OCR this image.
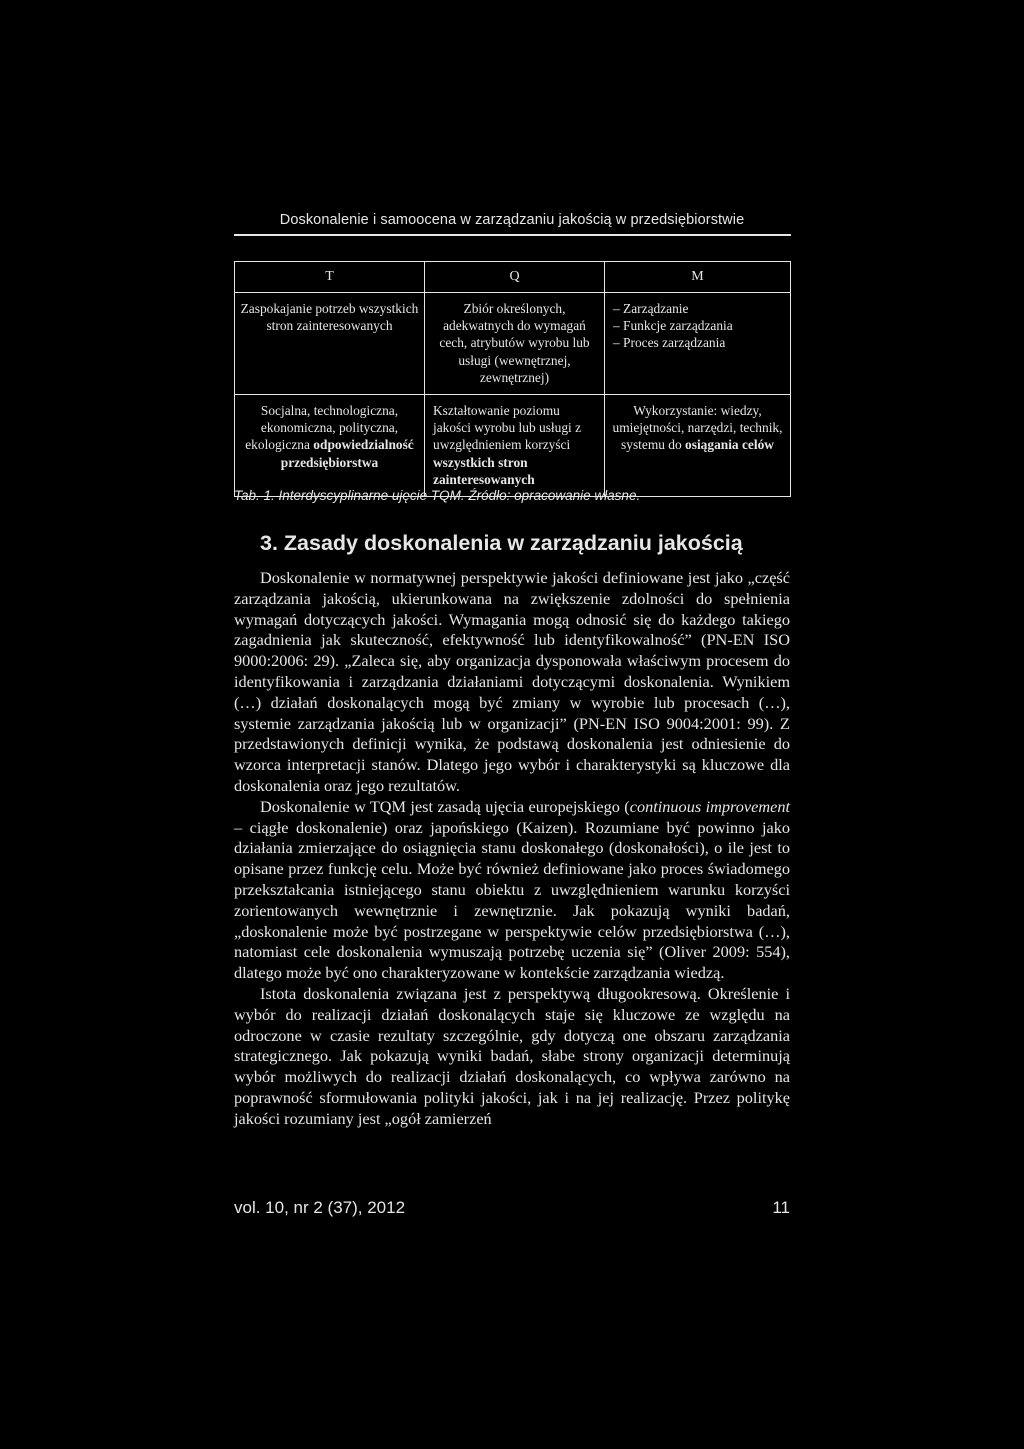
Doskonalenie i samoocena w zarządzaniu jakością w przedsiębiorstwie
T	Q	M
Zaspokajanie potrzeb wszystkich stron zainteresowanych	Zbiór określonych, adekwatnych do wymagań cech, atrybutów wyrobu lub usługi (wewnętrznej, zewnętrznej)	– Zarządzanie
– Funkcje zarządzania
– Proces zarządzania

Socjalna, technologiczna, ekonomiczna, polityczna, ekologiczna odpowiedzialność przedsiębiorstwa	Kształtowanie poziomu jakości wyrobu lub usługi z uwzględnieniem korzyści wszystkich stron zainteresowanych	Wykorzystanie: wiedzy, umiejętności, narzędzi, technik, systemu do osiągania celów
Tab. 1. Interdyscyplinarne ujęcie TQM. Źródło: opracowanie własne.
3. Zasady doskonalenia w zarządzaniu jakością

Doskonalenie w normatywnej perspektywie jakości definiowane jest jako „część zarządzania jakością, ukierunkowana na zwiększenie zdolności do spełnienia wymagań dotyczących jakości. Wymagania mogą odnosić się do każdego takiego zagadnienia jak skuteczność, efektywność lub identyfikowalność” (PN-EN ISO 9000:2006: 29). „Zaleca się, aby organizacja dysponowała właściwym procesem do identyfikowania i zarządzania działaniami dotyczącymi doskonalenia. Wynikiem (…) działań doskonalących mogą być zmiany w wyrobie lub procesach (…), systemie zarządzania jakością lub w organizacji” (PN-EN ISO 9004:2001: 99). Z przedstawionych definicji wynika, że podstawą doskonalenia jest odniesienie do wzorca interpretacji stanów. Dlatego jego wybór i charakterystyki są kluczowe dla doskonalenia oraz jego rezultatów.

Doskonalenie w TQM jest zasadą ujęcia europejskiego (continuous improvement – ciągłe doskonalenie) oraz japońskiego (Kaizen). Rozumiane być powinno jako działania zmierzające do osiągnięcia stanu doskonałego (doskonałości), o ile jest to opisane przez funkcję celu. Może być również definiowane jako proces świadomego przekształcania istniejącego stanu obiektu z uwzględnieniem warunku korzyści zorientowanych wewnętrznie i zewnętrznie. Jak pokazują wyniki badań, „doskonalenie może być postrzegane w perspektywie celów przedsiębiorstwa (…), natomiast cele doskonalenia wymuszają potrzebę uczenia się” (Oliver 2009: 554), dlatego może być ono charakteryzowane w kontekście zarządzania wiedzą.

Istota doskonalenia związana jest z perspektywą długookresową. Określenie i wybór do realizacji działań doskonalących staje się kluczowe ze względu na odroczone w czasie rezultaty szczególnie, gdy dotyczą one obszaru zarządzania strategicznego. Jak pokazują wyniki badań, słabe strony organizacji determinują wybór możliwych do realizacji działań doskonalących, co wpływa zarówno na poprawność sformułowania polityki jakości, jak i na jej realizację. Przez politykę jakości rozumiany jest „ogół zamierzeń

vol. 10, nr 2 (37), 2012	11
